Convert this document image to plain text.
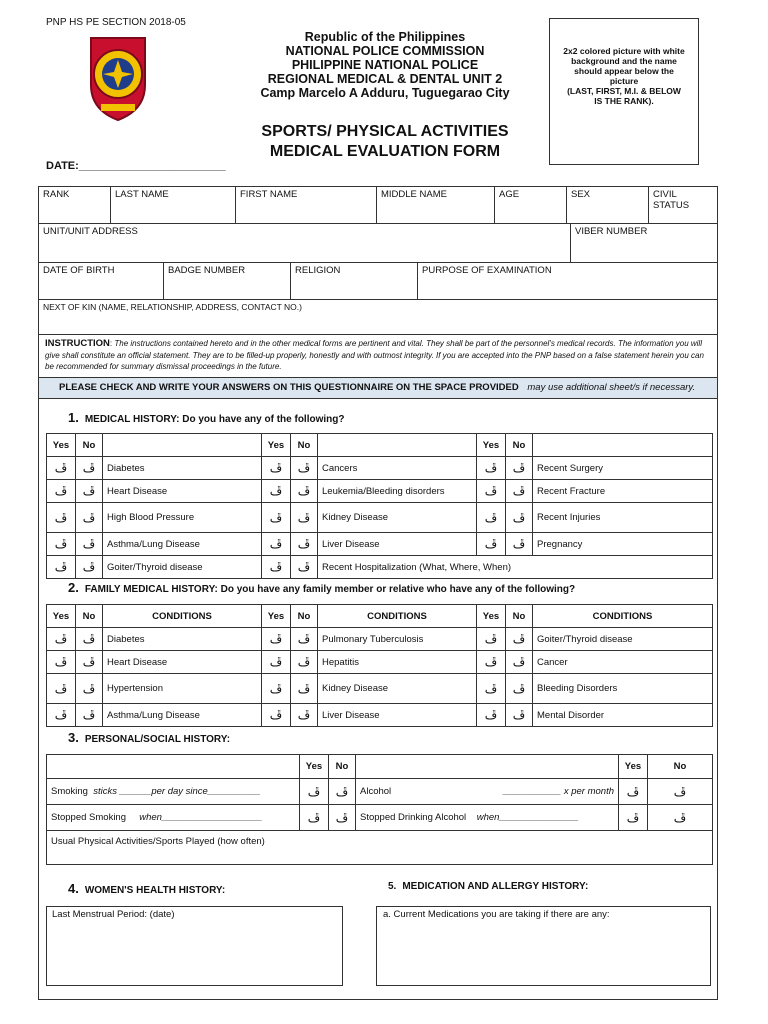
PNP HS PE SECTION 2018-05
Republic of the Philippines
NATIONAL POLICE COMMISSION
PHILIPPINE NATIONAL POLICE
REGIONAL MEDICAL & DENTAL UNIT 2
Camp Marcelo A Adduru, Tuguegarao City
SPORTS/ PHYSICAL ACTIVITIES
MEDICAL EVALUATION FORM
2x2 colored picture with white
background and the name
should appear below the
picture
(LAST, FIRST, M.I. & BELOW
IS THE RANK).
DATE:________________________
RANK	LAST NAME	FIRST NAME	MIDDLE NAME	AGE	SEX	CIVIL STATUS
UNIT/UNIT ADDRESS	VIBER NUMBER
DATE OF BIRTH	BADGE NUMBER	RELIGION	PURPOSE OF EXAMINATION
NEXT OF KIN (NAME, RELATIONSHIP, ADDRESS, CONTACT NO.)
INSTRUCTION: The instructions contained hereto and in the other medical forms are pertinent and vital. They shall be part of the personnel's medical records. The information you will give shall constitute an official statement. They are to be filled-up properly, honestly and with outmost integrity. If you are accepted into the PNP based on a false statement herein you can be recommended for summary dismissal proceedings in the future.
PLEASE CHECK AND WRITE YOUR ANSWERS ON THIS QUESTIONNAIRE ON THE SPACE PROVIDED may use additional sheet/s if necessary.
1. MEDICAL HISTORY: Do you have any of the following?
Yes	No		Yes	No		Yes	No	
ڦ	ڦ	Diabetes	ڦ	ڦ	Cancers	ڦ	ڦ	Recent Surgery
ڦ	ڦ	Heart Disease	ڦ	ڦ	Leukemia/Bleeding disorders	ڦ	ڦ	Recent Fracture
ڦ	ڦ	High Blood Pressure	ڦ	ڦ	Kidney Disease	ڦ	ڦ	Recent Injuries
ڦ	ڦ	Asthma/Lung Disease	ڦ	ڦ	Liver Disease	ڦ	ڦ	Pregnancy
ڦ	ڦ	Goiter/Thyroid disease	ڦ	ڦ	Recent Hospitalization (What, Where, When)			
2. FAMILY MEDICAL HISTORY: Do you have any family member or relative who have any of the following?
Yes	No	CONDITIONS	Yes	No	CONDITIONS	Yes	No	CONDITIONS
ڦ	ڦ	Diabetes	ڦ	ڦ	Pulmonary Tuberculosis	ڦ	ڦ	Goiter/Thyroid disease
ڦ	ڦ	Heart Disease	ڦ	ڦ	Hepatitis	ڦ	ڦ	Cancer
ڦ	ڦ	Hypertension	ڦ	ڦ	Kidney Disease	ڦ	ڦ	Bleeding Disorders
ڦ	ڦ	Asthma/Lung Disease	ڦ	ڦ	Liver Disease	ڦ	ڦ	Mental Disorder
3. PERSONAL/SOCIAL HISTORY:
	Yes	No		Yes	No
Smoking sticks ______per day since__________	ڦ	ڦ	Alcohol ___________ x per month	ڦ	ڦ
Stopped Smoking when___________________	ڦ	ڦ	Stopped Drinking Alcohol when_______________	ڦ	ڦ
Usual Physical Activities/Sports Played (how often)					
4. WOMEN'S HEALTH HISTORY:	5. MEDICATION AND ALLERGY HISTORY:
Last Menstrual Period: (date)	a. Current Medications you are taking if there are any:
